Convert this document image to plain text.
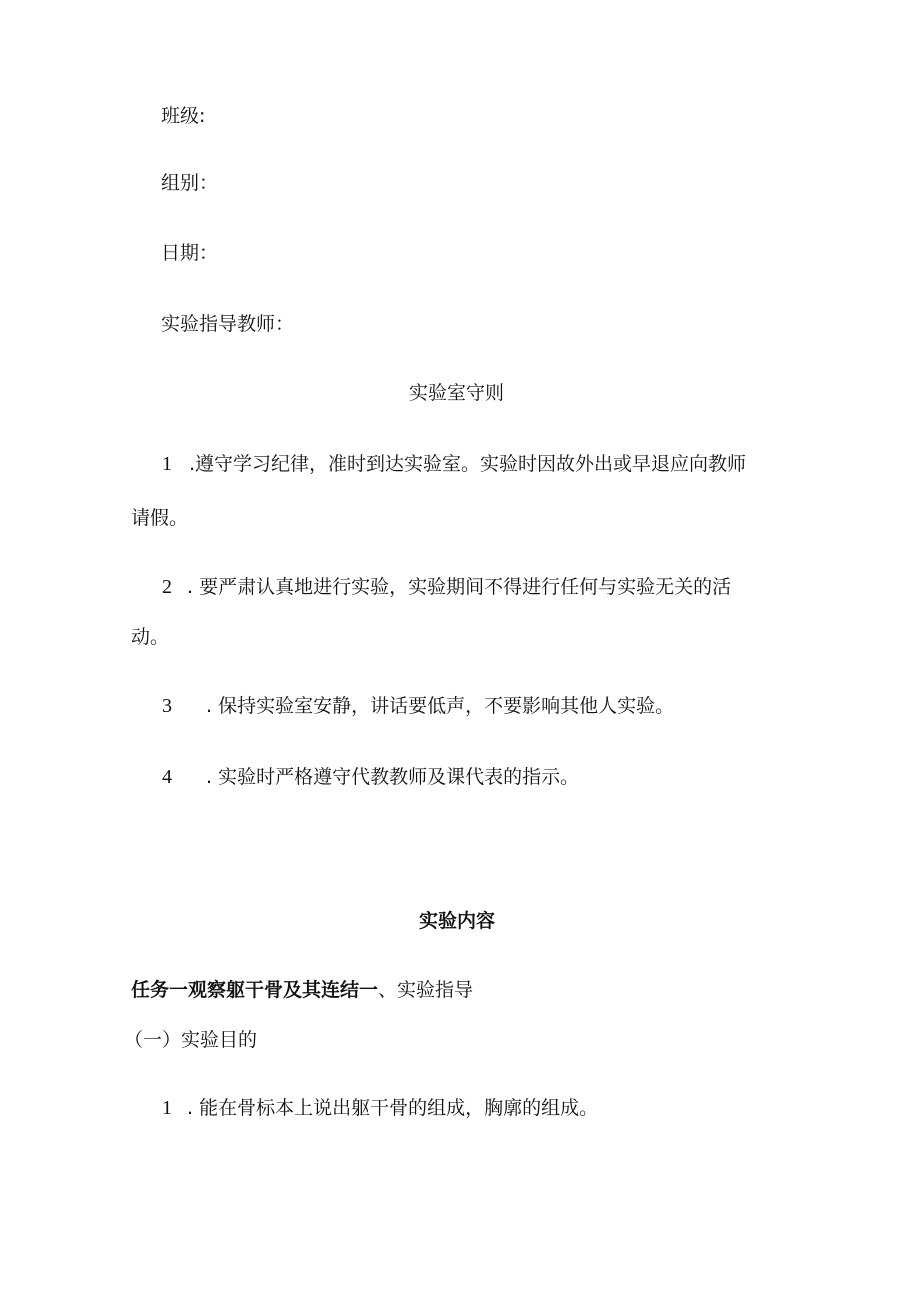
班级:
组别：
日期：
实验指导教师：
实验室守则
1 .遵守学习纪律，准时到达实验室。实验时因故外出或早退应向教师
请假。
2 . 要严肃认真地进行实验，实验期间不得进行任何与实验无关的活
动。
3 . 保持实验室安静，讲话要低声，不要影响其他人实验。
4 . 实验时严格遵守代教教师及课代表的指示。
实验内容
任务一观察躯干骨及其连结一、实验指导
（一）实验目的
1 . 能在骨标本上说出躯干骨的组成，胸廓的组成。
